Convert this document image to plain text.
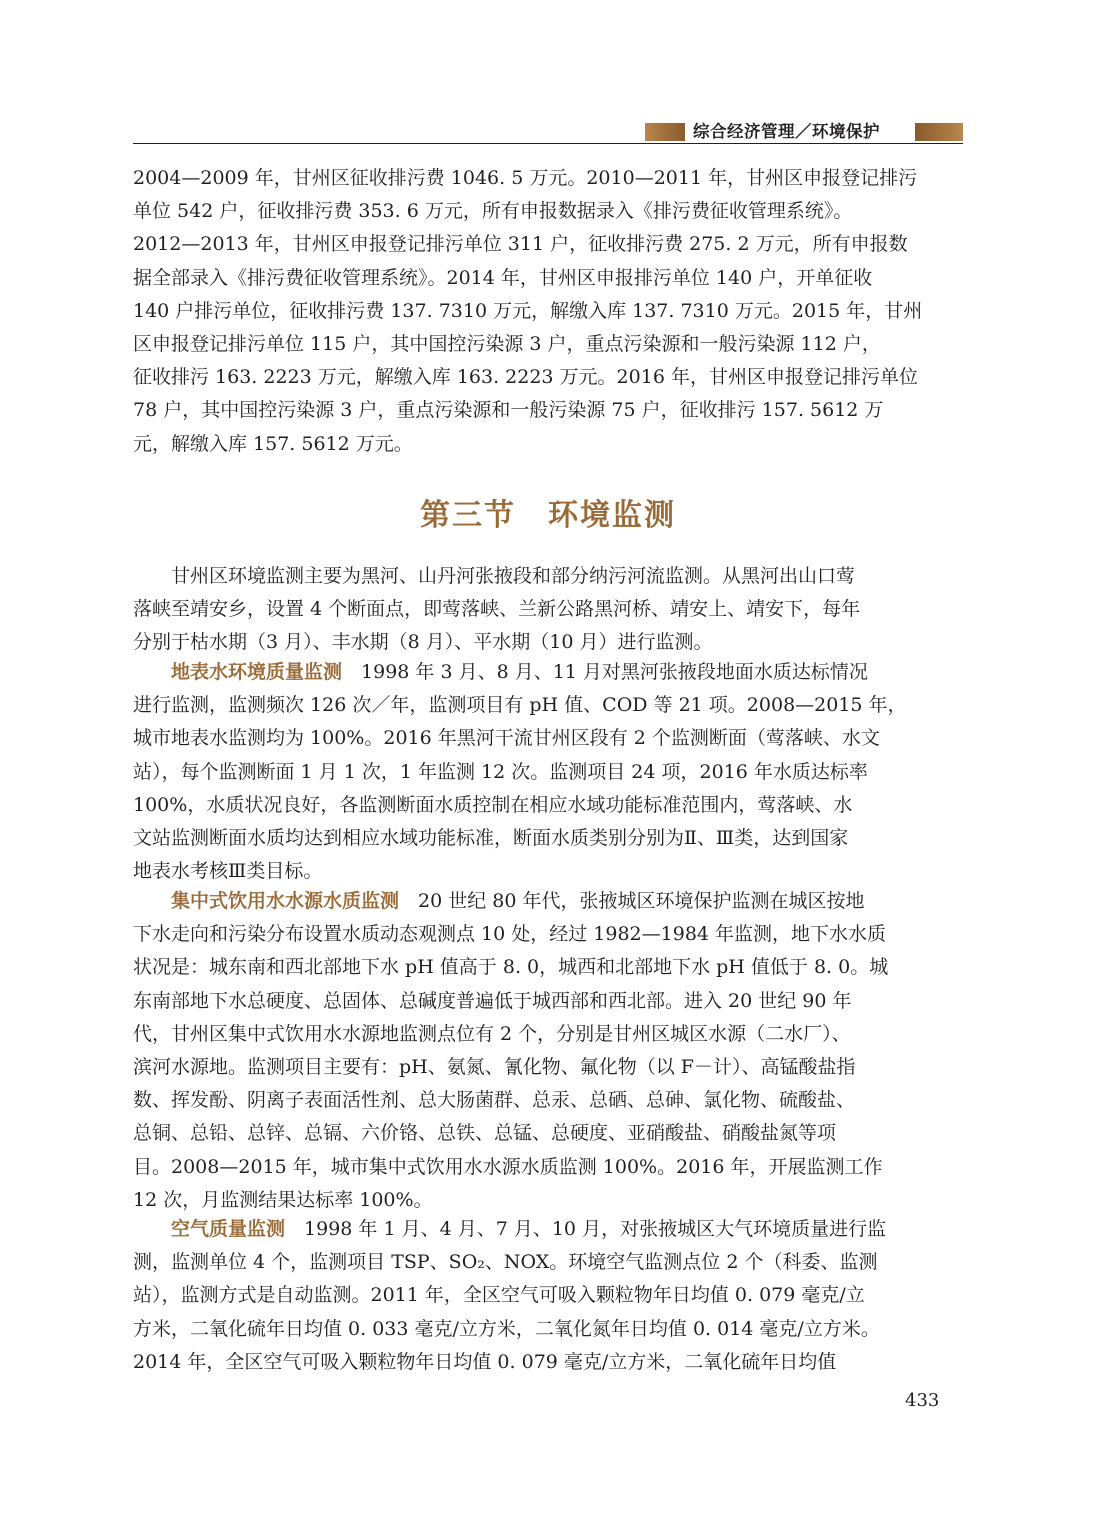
综合经济管理／环境保护
2004—2009 年，甘州区征收排污费 1046. 5 万元。2010—2011 年，甘州区申报登记排污
单位 542 户，征收排污费 353. 6 万元，所有申报数据录入《排污费征收管理系统》。
2012—2013 年，甘州区申报登记排污单位 311 户，征收排污费 275. 2 万元，所有申报数
据全部录入《排污费征收管理系统》。2014 年，甘州区申报排污单位 140 户，开单征收
140 户排污单位，征收排污费 137. 7310 万元，解缴入库 137. 7310 万元。2015 年，甘州
区申报登记排污单位 115 户，其中国控污染源 3 户，重点污染源和一般污染源 112 户，
征收排污 163. 2223 万元，解缴入库 163. 2223 万元。2016 年，甘州区申报登记排污单位
78 户，其中国控污染源 3 户，重点污染源和一般污染源 75 户，征收排污 157. 5612 万
元，解缴入库 157. 5612 万元。
第三节　环境监测
　　甘州区环境监测主要为黑河、山丹河张掖段和部分纳污河流监测。从黑河出山口莺
落峡至靖安乡，设置 4 个断面点，即莺落峡、兰新公路黑河桥、靖安上、靖安下，每年
分别于枯水期（3 月）、丰水期（8 月）、平水期（10 月）进行监测。
　　地表水环境质量监测　1998 年 3 月、8 月、11 月对黑河张掖段地面水质达标情况
进行监测，监测频次 126 次／年，监测项目有 pH 值、COD 等 21 项。2008—2015 年，
城市地表水监测均为 100%。2016 年黑河干流甘州区段有 2 个监测断面（莺落峡、水文
站），每个监测断面 1 月 1 次，1 年监测 12 次。监测项目 24 项，2016 年水质达标率
100%，水质状况良好，各监测断面水质控制在相应水域功能标准范围内，莺落峡、水
文站监测断面水质均达到相应水域功能标准，断面水质类别分别为Ⅱ、Ⅲ类，达到国家
地表水考核Ⅲ类目标。
　　集中式饮用水水源水质监测　20 世纪 80 年代，张掖城区环境保护监测在城区按地
下水走向和污染分布设置水质动态观测点 10 处，经过 1982—1984 年监测，地下水水质
状况是：城东南和西北部地下水 pH 值高于 8. 0，城西和北部地下水 pH 值低于 8. 0。城
东南部地下水总硬度、总固体、总碱度普遍低于城西部和西北部。进入 20 世纪 90 年
代，甘州区集中式饮用水水源地监测点位有 2 个，分别是甘州区城区水源（二水厂）、
滨河水源地。监测项目主要有：pH、氨氮、氰化物、氟化物（以 F－计）、高锰酸盐指
数、挥发酚、阴离子表面活性剂、总大肠菌群、总汞、总硒、总砷、氯化物、硫酸盐、
总铜、总铅、总锌、总镉、六价铬、总铁、总锰、总硬度、亚硝酸盐、硝酸盐氮等项
目。2008—2015 年，城市集中式饮用水水源水质监测 100%。2016 年，开展监测工作
12 次，月监测结果达标率 100%。
　　空气质量监测　1998 年 1 月、4 月、7 月、10 月，对张掖城区大气环境质量进行监
测，监测单位 4 个，监测项目 TSP、SO₂、NOX。环境空气监测点位 2 个（科委、监测
站），监测方式是自动监测。2011 年，全区空气可吸入颗粒物年日均值 0. 079 毫克/立
方米，二氧化硫年日均值 0. 033 毫克/立方米，二氧化氮年日均值 0. 014 毫克/立方米。
2014 年，全区空气可吸入颗粒物年日均值 0. 079 毫克/立方米，二氧化硫年日均值
433
